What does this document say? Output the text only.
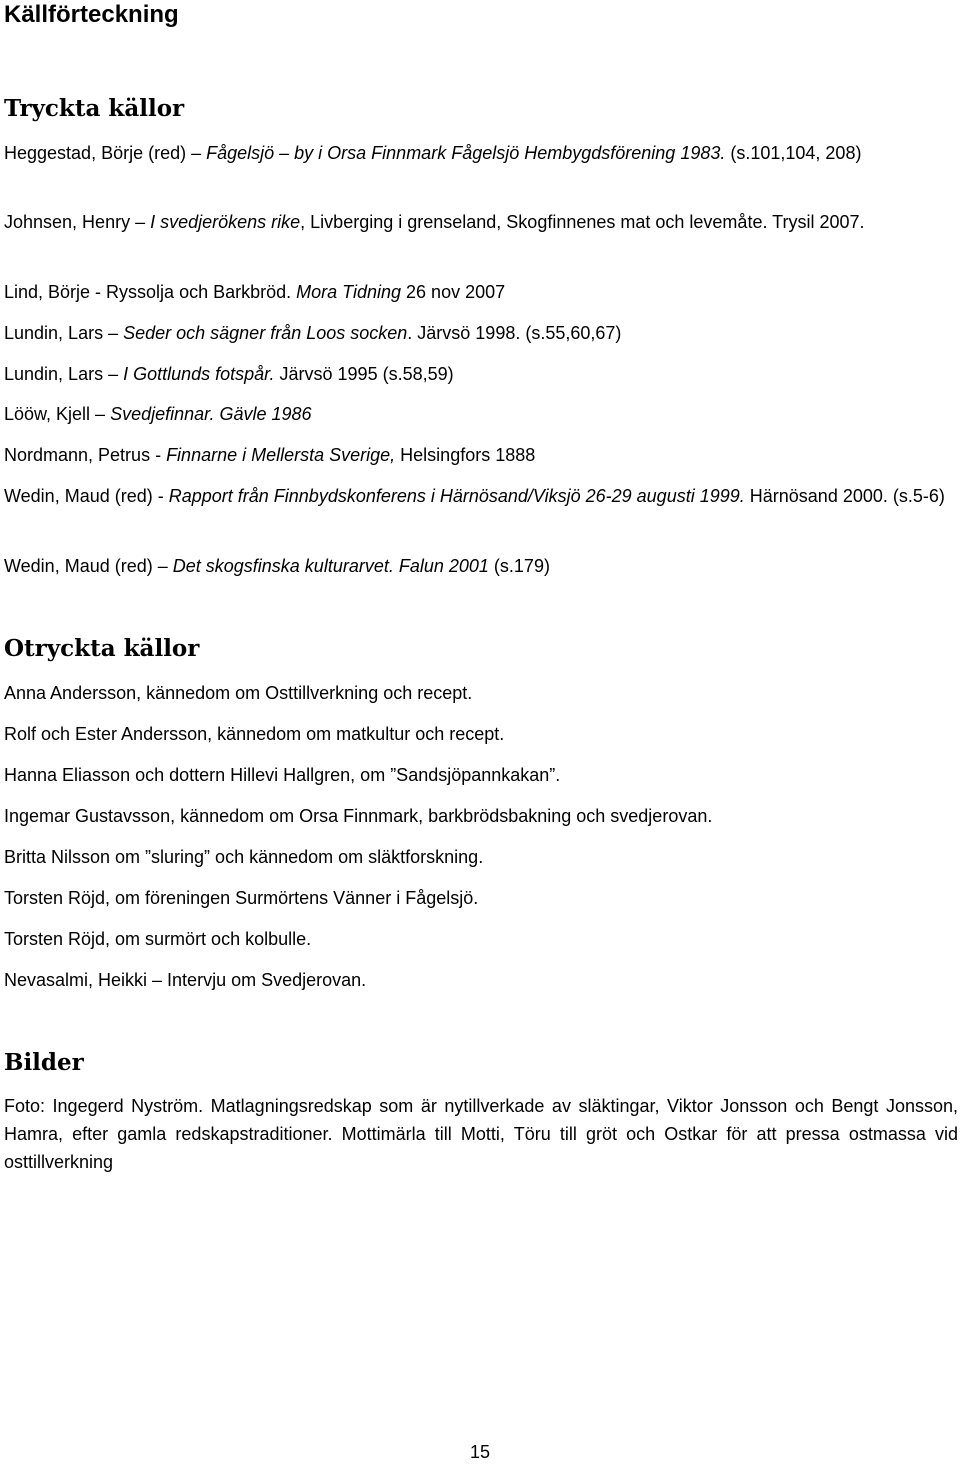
Källförteckning
Tryckta källor

Heggestad, Börje (red) – Fågelsjö – by i Orsa Finnmark Fågelsjö Hembygdsförening 1983. (s.101,104, 208)

Johnsen, Henry – I svedjerökens rike, Livberging i grenseland, Skogfinnenes mat och levemåte. Trysil 2007.

Lind, Börje - Ryssolja och Barkbröd. Mora Tidning 26 nov 2007

Lundin, Lars – Seder och sägner från Loos socken. Järvsö 1998. (s.55,60,67)

Lundin, Lars – I Gottlunds fotspår. Järvsö 1995 (s.58,59)

Lööw, Kjell – Svedjefinnar. Gävle 1986

Nordmann, Petrus - Finnarne i Mellersta Sverige, Helsingfors 1888

Wedin, Maud (red) - Rapport från Finnbydskonferens i Härnösand/Viksjö 26-29 augusti 1999. Härnösand 2000. (s.5-6)

Wedin, Maud (red) – Det skogsfinska kulturarvet. Falun 2001 (s.179)

Otryckta källor

Anna Andersson, kännedom om Osttillverkning och recept.

Rolf och Ester Andersson, kännedom om matkultur och recept.

Hanna Eliasson och dottern Hillevi Hallgren, om ”Sandsjöpannkakan”.

Ingemar Gustavsson, kännedom om Orsa Finnmark, barkbrödsbakning och svedjerovan.

Britta Nilsson om ”sluring” och kännedom om släktforskning.

Torsten Röjd, om föreningen Surmörtens Vänner i Fågelsjö.

Torsten Röjd, om surmört och kolbulle.

Nevasalmi, Heikki – Intervju om Svedjerovan.

Bilder

Foto: Ingegerd Nyström. Matlagningsredskap som är nytillverkade av släktingar, Viktor Jonsson och Bengt Jonsson, Hamra, efter gamla redskapstraditioner. Mottimärla till Motti, Töru till gröt och Ostkar för att pressa ostmassa vid osttillverkning

15
